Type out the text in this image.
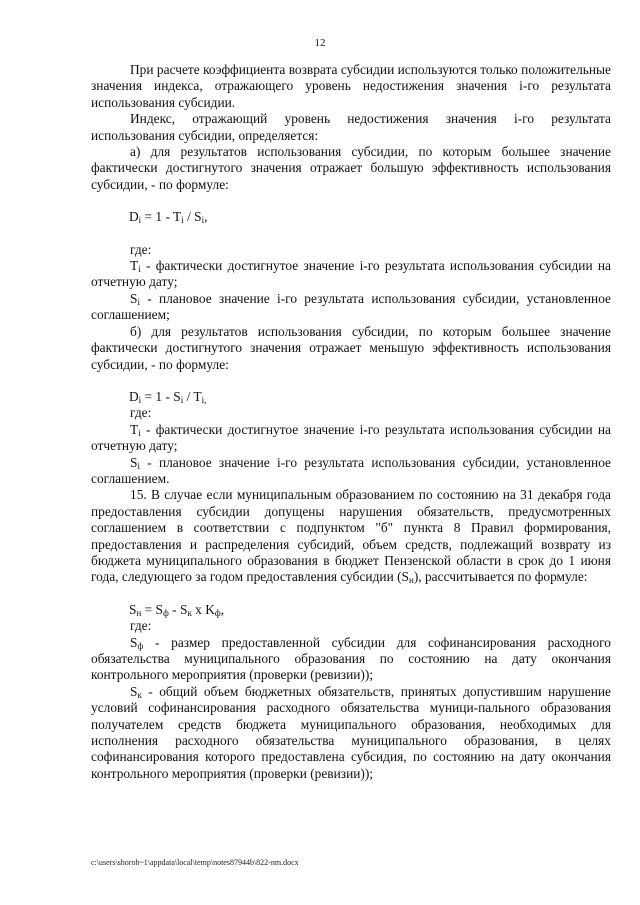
12

При расчете коэффициента возврата субсидии используются только положительные значения индекса, отражающего уровень недостижения значения i-го результата использования субсидии.

Индекс, отражающий уровень недостижения значения i-го результата использования субсидии, определяется:

а) для результатов использования субсидии, по которым большее значение фактически достигнутого значения отражает большую эффективность использования субсидии, - по формуле:

$D_i = 1 - T_i / S_i$,

где:

$T_i$ - фактически достигнутое значение i-го результата использования субсидии на отчетную дату;

$S_i$ - плановое значение i-го результата использования субсидии, установленное соглашением;

б) для результатов использования субсидии, по которым большее значение фактически достигнутого значения отражает меньшую эффективность использования субсидии, - по формуле:

$D_i = 1 - S_i / T_{i,}$

где:

$T_i$ - фактически достигнутое значение i-го результата использования субсидии на отчетную дату;

$S_i$ - плановое значение i-го результата использования субсидии, установленное соглашением.

15. В случае если муниципальным образованием по состоянию на 31 декабря года предоставления субсидии допущены нарушения обязательств, предусмотренных соглашением в соответствии с подпунктом "б" пункта 8 Правил формирования, предоставления и распределения субсидий, объем средств, подлежащий возврату из бюджета муниципального образования в бюджет Пензенской области в срок до 1 июня года, следующего за годом предоставления субсидии $(S_н)$, рассчитывается по формуле:

$S_н = S_ф - S_к$ x $K_ф$,

где:

$S_ф$ - размер предоставленной субсидии для софинансирования расходного обязательства муниципального образования по состоянию на дату окончания контрольного мероприятия (проверки (ревизии));

$S_к$ - общий объем бюджетных обязательств, принятых допустившим нарушение условий софинансирования расходного обязательства муници-пального образования получателем средств бюджета муниципального образования, необходимых для исполнения расходного обязательства муниципального образования, в целях софинансирования которого предоставлена субсидия, по состоянию на дату окончания контрольного мероприятия (проверки (ревизии));

c:\users\shoroh~1\appdata\local\temp\notes87944b\822-nm.docx
